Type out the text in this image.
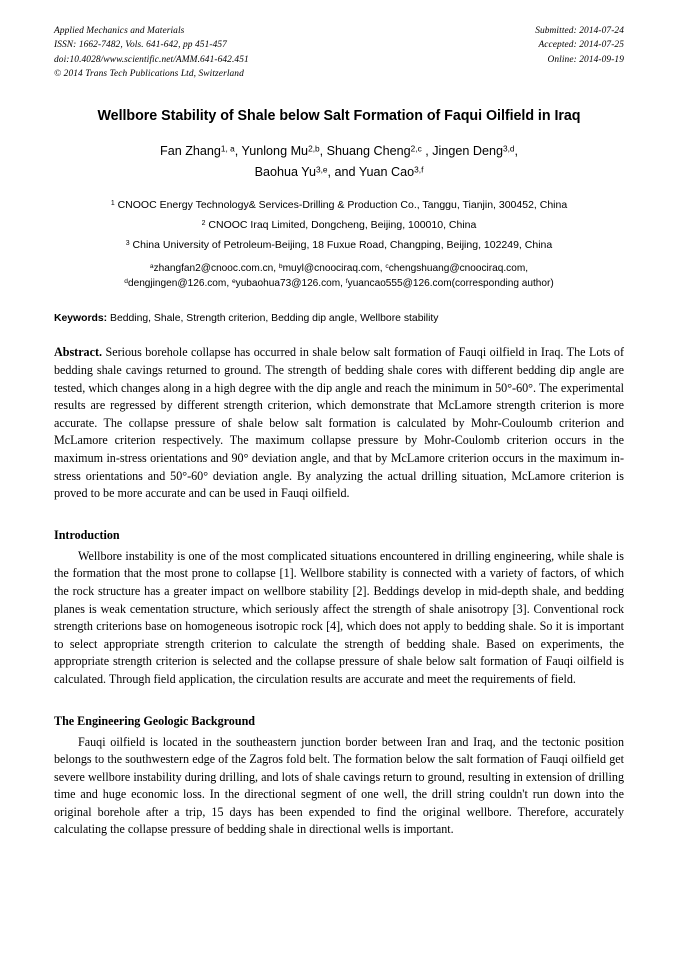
Applied Mechanics and Materials
ISSN: 1662-7482, Vols. 641-642, pp 451-457
doi:10.4028/www.scientific.net/AMM.641-642.451
© 2014 Trans Tech Publications Ltd, Switzerland
Submitted: 2014-07-24
Accepted: 2014-07-25
Online: 2014-09-19
Wellbore Stability of Shale below Salt Formation of Faqui Oilfield in Iraq
Fan Zhang$^{1, a}$, Yunlong Mu$^{2,b}$, Shuang Cheng$^{2,c}$ , Jingen Deng$^{3,d}$,
Baohua Yu$^{3,e}$, and Yuan Cao$^{3,f}$
$^1$ CNOOC Energy Technology& Services-Drilling & Production Co., Tanggu, Tianjin, 300452, China
$^2$ CNOOC Iraq Limited, Dongcheng, Beijing, 100010, China
$^3$ China University of Petroleum-Beijing, 18 Fuxue Road, Changping, Beijing, 102249, China
$^a$zhangfan2@cnooc.com.cn, $^b$muyl@cnoociraq.com, $^c$chengshuang@cnoociraq.com,
$^d$dengjingen@126.com, $^e$yubaohua73@126.com, $^f$yuancao555@126.com(corresponding author)
Keywords: Bedding, Shale, Strength criterion, Bedding dip angle, Wellbore stability
Abstract. Serious borehole collapse has occurred in shale below salt formation of Fauqi oilfield in Iraq. The Lots of bedding shale cavings returned to ground. The strength of bedding shale cores with different bedding dip angle are tested, which changes along in a high degree with the dip angle and reach the minimum in 50°-60°. The experimental results are regressed by different strength criterion, which demonstrate that McLamore strength criterion is more accurate. The collapse pressure of shale below salt formation is calculated by Mohr-Couloumb criterion and McLamore criterion respectively. The maximum collapse pressure by Mohr-Coulomb criterion occurs in the maximum in-stress orientations and 90° deviation angle, and that by McLamore criterion occurs in the maximum in-stress orientations and 50°-60° deviation angle. By analyzing the actual drilling situation, McLamore criterion is proved to be more accurate and can be used in Fauqi oilfield.
Introduction
Wellbore instability is one of the most complicated situations encountered in drilling engineering, while shale is the formation that the most prone to collapse [1]. Wellbore stability is connected with a variety of factors, of which the rock structure has a greater impact on wellbore stability [2]. Beddings develop in mid-depth shale, and bedding planes is weak cementation structure, which seriously affect the strength of shale anisotropy [3]. Conventional rock strength criterions base on homogeneous isotropic rock [4], which does not apply to bedding shale. So it is important to select appropriate strength criterion to calculate the strength of bedding shale. Based on experiments, the appropriate strength criterion is selected and the collapse pressure of shale below salt formation of Fauqi oilfield is calculated. Through field application, the circulation results are accurate and meet the requirements of field.
The Engineering Geologic Background
Fauqi oilfield is located in the southeastern junction border between Iran and Iraq, and the tectonic position belongs to the southwestern edge of the Zagros fold belt. The formation below the salt formation of Fauqi oilfield get severe wellbore instability during drilling, and lots of shale cavings return to ground, resulting in extension of drilling time and huge economic loss. In the directional segment of one well, the drill string couldn't run down into the original borehole after a trip, 15 days has been expended to find the original wellbore. Therefore, accurately calculating the collapse pressure of bedding shale in directional wells is important.
